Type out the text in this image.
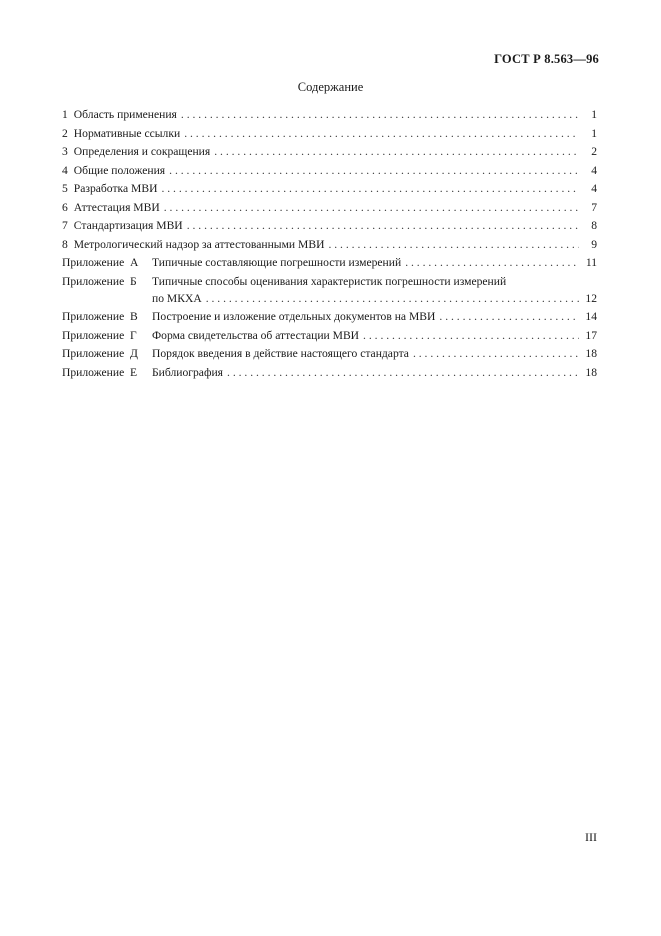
ГОСТ Р 8.563—96
Содержание
1 Область применения . . .	1
2 Нормативные ссылки . . .	1
3 Определения и сокращения . . .	2
4 Общие положения . . .	4
5 Разработка МВИ . . .	4
6 Аттестация МВИ . . .	7
7 Стандартизация МВИ . . .	8
8 Метрологический надзор за аттестованными МВИ . . .	9
Приложение А Типичные составляющие погрешности измерений . . .	11
Приложение Б Типичные способы оценивания характеристик погрешности измерений
по МКХА . . .	12
Приложение В Построение и изложение отдельных документов на МВИ . . .	14
Приложение Г Форма свидетельства об аттестации МВИ . . .	17
Приложение Д Порядок введения в действие настоящего стандарта . . .	18
Приложение Е Библиография . . .	18
III
